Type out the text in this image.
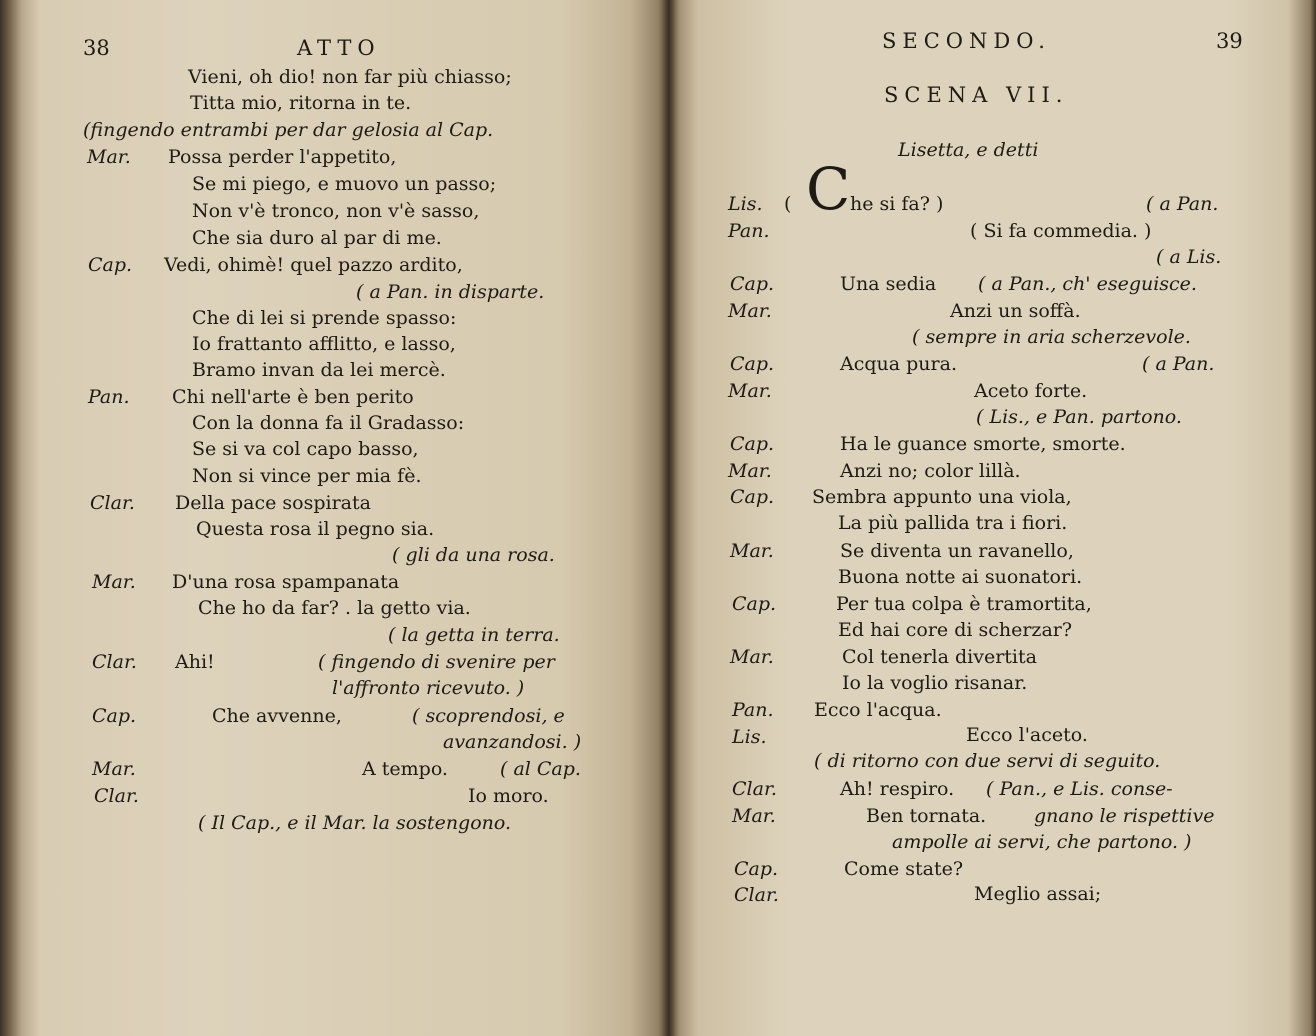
38	ATTO
Vieni, oh dio! non far più chiasso;
Titta mio, ritorna in te.
(fingendo entrambi per dar gelosia al Cap.
Mar. Possa perder l'appetito,
Se mi piego, e muovo un passo;
Non v'è tronco, non v'è sasso,
Che sia duro al par di me.
Cap. Vedi, ohimè! quel pazzo ardito,
( a Pan. in disparte.
Che di lei si prende spasso:
Io frattanto afflitto, e lasso,
Bramo invan da lei mercè.
Pan. Chi nell'arte è ben perito
Con la donna fa il Gradasso:
Se si va col capo basso,
Non si vince per mia fè.
Clar. Della pace sospirata
Questa rosa il pegno sia.
( gli da una rosa.
Mar. D'una rosa spampanata
Che ho da far? . la getto via.
( la getta in terra.
Clar. Ahi!	( fingendo di svenire per
l'affronto ricevuto. )
Cap.	Che avvenne,	( scoprendosi, e
avanzandosi. )
Mar.	A tempo.	( al Cap.
Clar.	Io moro.
( Il Cap., e il Mar. la sostengono.
SECONDO.	39
SCENA VII.
Lisetta, e detti
Lis. ( C he si fa? )	( a Pan.
Pan.	( Si fa commedia. )
( a Lis.
Cap.	Una sedia ( a Pan., ch' eseguisce.
Mar.	Anzi un soffà.
( sempre in aria scherzevole.
Cap.	Acqua pura.	( a Pan.
Mar.	Aceto forte.
( Lis., e Pan. partono.
Cap.	Ha le guance smorte, smorte.
Mar.	Anzi no; color lillà.
Cap. Sembra appunto una viola,
La più pallida tra i fiori.
Mar.	Se diventa un ravanello,
Buona notte ai suonatori.
Cap.	Per tua colpa è tramortita,
Ed hai core di scherzar?
Mar.	Col tenerla divertita
Io la voglio risanar.
Pan. Ecco l'acqua.
Lis.	Ecco l'aceto.
( di ritorno con due servi di seguito.
Clar.	Ah! respiro. ( Pan., e Lis. conse-
Mar.	Ben tornata.	gnano le rispettive
ampolle ai servi, che partono. )
Cap.	Come state?
Clar.	Meglio assai;
